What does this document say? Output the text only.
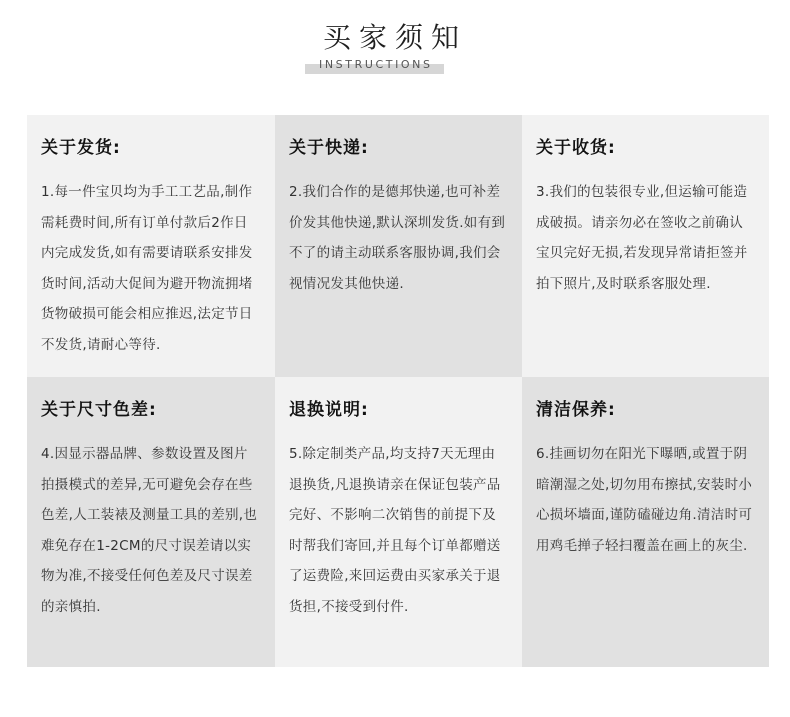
买家须知
INSTRUCTIONS
关于发货:
1.每一件宝贝均为手工工艺品,制作需耗费时间,所有订单付款后2作日内完成发货,如有需要请联系安排发货时间,活动大促间为避开物流拥堵货物破损可能会相应推迟,法定节日不发货,请耐心等待.
关于快递:
2.我们合作的是德邦快递,也可补差价发其他快递,默认深圳发货.如有到不了的请主动联系客服协调,我们会视情况发其他快递.
关于收货:
3.我们的包装很专业,但运输可能造成破损。请亲勿必在签收之前确认宝贝完好无损,若发现异常请拒签并拍下照片,及时联系客服处理.
关于尺寸色差:
4.因显示器品牌、参数设置及图片拍摄模式的差异,无可避免会存在些色差,人工装裱及测量工具的差别,也难免存在1-2CM的尺寸误差请以实物为准,不接受任何色差及尺寸误差的亲慎拍.
退换说明:
5.除定制类产品,均支持7天无理由退换货,凡退换请亲在保证包装产品完好、不影响二次销售的前提下及时帮我们寄回,并且每个订单都赠送了运费险,来回运费由买家承关于退货担,不接受到付件.
清洁保养:
6.挂画切勿在阳光下曝晒,或置于阴暗潮湿之处,切勿用布擦拭,安装时小心损坏墙面,谨防磕碰边角.清洁时可用鸡毛掸子轻扫覆盖在画上的灰尘.
